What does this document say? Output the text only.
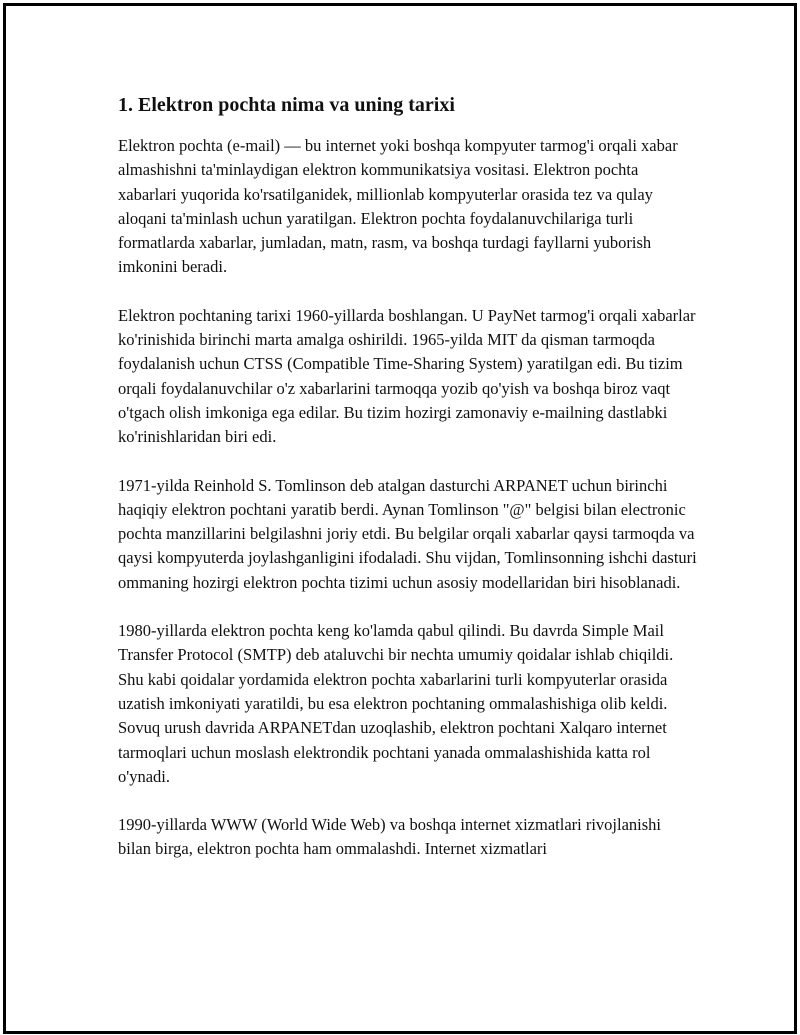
1. Elektron pochta nima va uning tarixi

Elektron pochta (e-mail) — bu internet yoki boshqa kompyuter tarmog'i orqali xabar almashishni ta'minlaydigan elektron kommunikatsiya vositasi. Elektron pochta xabarlari yuqorida ko'rsatilganidek, millionlab kompyuterlar orasida tez va qulay aloqani ta'minlash uchun yaratilgan. Elektron pochta foydalanuvchilariga turli formatlarda xabarlar, jumladan, matn, rasm, va boshqa turdagi fayllarni yuborish imkonini beradi.

Elektron pochtaning tarixi 1960-yillarda boshlangan. U PayNet tarmog'i orqali xabarlar ko'rinishida birinchi marta amalga oshirildi. 1965-yilda MIT da qisman tarmoqda foydalanish uchun CTSS (Compatible Time-Sharing System) yaratilgan edi. Bu tizim orqali foydalanuvchilar o'z xabarlarini tarmoqqa yozib qo'yish va boshqa biroz vaqt o'tgach olish imkoniga ega edilar. Bu tizim hozirgi zamonaviy e-mailning dastlabki ko'rinishlaridan biri edi.

1971-yilda Reinhold S. Tomlinson deb atalgan dasturchi ARPANET uchun birinchi haqiqiy elektron pochtani yaratib berdi. Aynan Tomlinson "@" belgisi bilan electronic pochta manzillarini belgilashni joriy etdi. Bu belgilar orqali xabarlar qaysi tarmoqda va qaysi kompyuterda joylashganligini ifodaladi. Shu vijdan, Tomlinsonning ishchi dasturi ommaning hozirgi elektron pochta tizimi uchun asosiy modellaridan biri hisoblanadi.

1980-yillarda elektron pochta keng ko'lamda qabul qilindi. Bu davrda Simple Mail Transfer Protocol (SMTP) deb ataluvchi bir nechta umumiy qoidalar ishlab chiqildi. Shu kabi qoidalar yordamida elektron pochta xabarlarini turli kompyuterlar orasida uzatish imkoniyati yaratildi, bu esa elektron pochtaning ommalashishiga olib keldi. Sovuq urush davrida ARPANETdan uzoqlashib, elektron pochtani Xalqaro internet tarmoqlari uchun moslash elektrondik pochtani yanada ommalashishida katta rol o'ynadi.

1990-yillarda WWW (World Wide Web) va boshqa internet xizmatlari rivojlanishi bilan birga, elektron pochta ham ommalashdi. Internet xizmatlari
